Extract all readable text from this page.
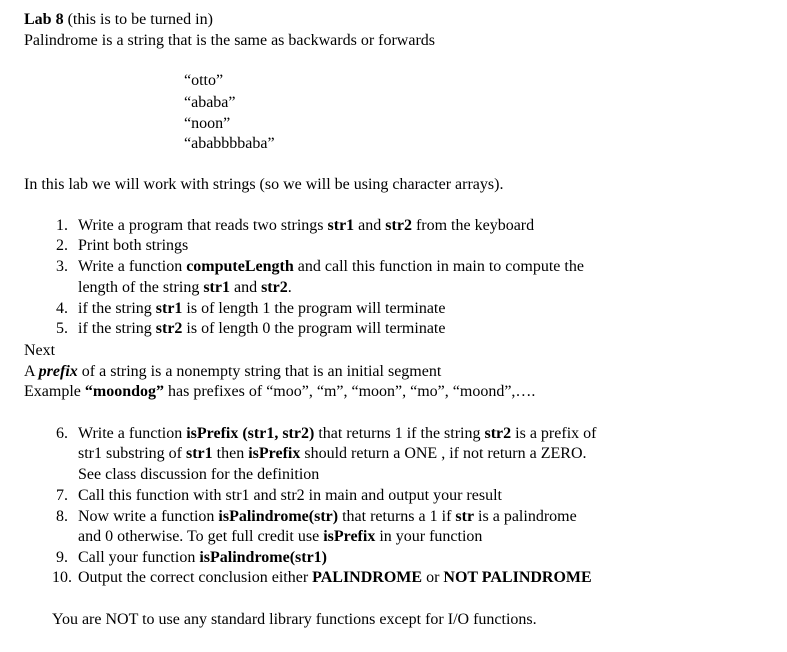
Lab 8 (this is to be turned in)
Palindrome is a string that is the same as backwards or forwards
“otto”
“ababa”
“noon”
“ababbbbaba”
In this lab we will work with strings (so we will be using character arrays).
1. Write a program that reads two strings str1 and str2 from the keyboard
2. Print both strings
3. Write a function computeLength and call this function in main to compute the
length of the string str1 and str2.
4. if the string str1 is of length 1 the program will terminate
5. if the string str2 is of length 0 the program will terminate
Next
A prefix of a string is a nonempty string that is an initial segment
Example “moondog” has prefixes of “moo”, “m”, “moon”, “mo”, “moond”,….
6. Write a function isPrefix (str1, str2) that returns 1 if the string str2 is a prefix of
str1 substring of str1 then isPrefix should return a ONE , if not return a ZERO.
See class discussion for the definition
7. Call this function with str1 and str2 in main and output your result
8. Now write a function isPalindrome(str) that returns a 1 if str is a palindrome
and 0 otherwise. To get full credit use isPrefix in your function
9. Call your function isPalindrome(str1)
10. Output the correct conclusion either PALINDROME or NOT PALINDROME
You are NOT to use any standard library functions except for I/O functions.
